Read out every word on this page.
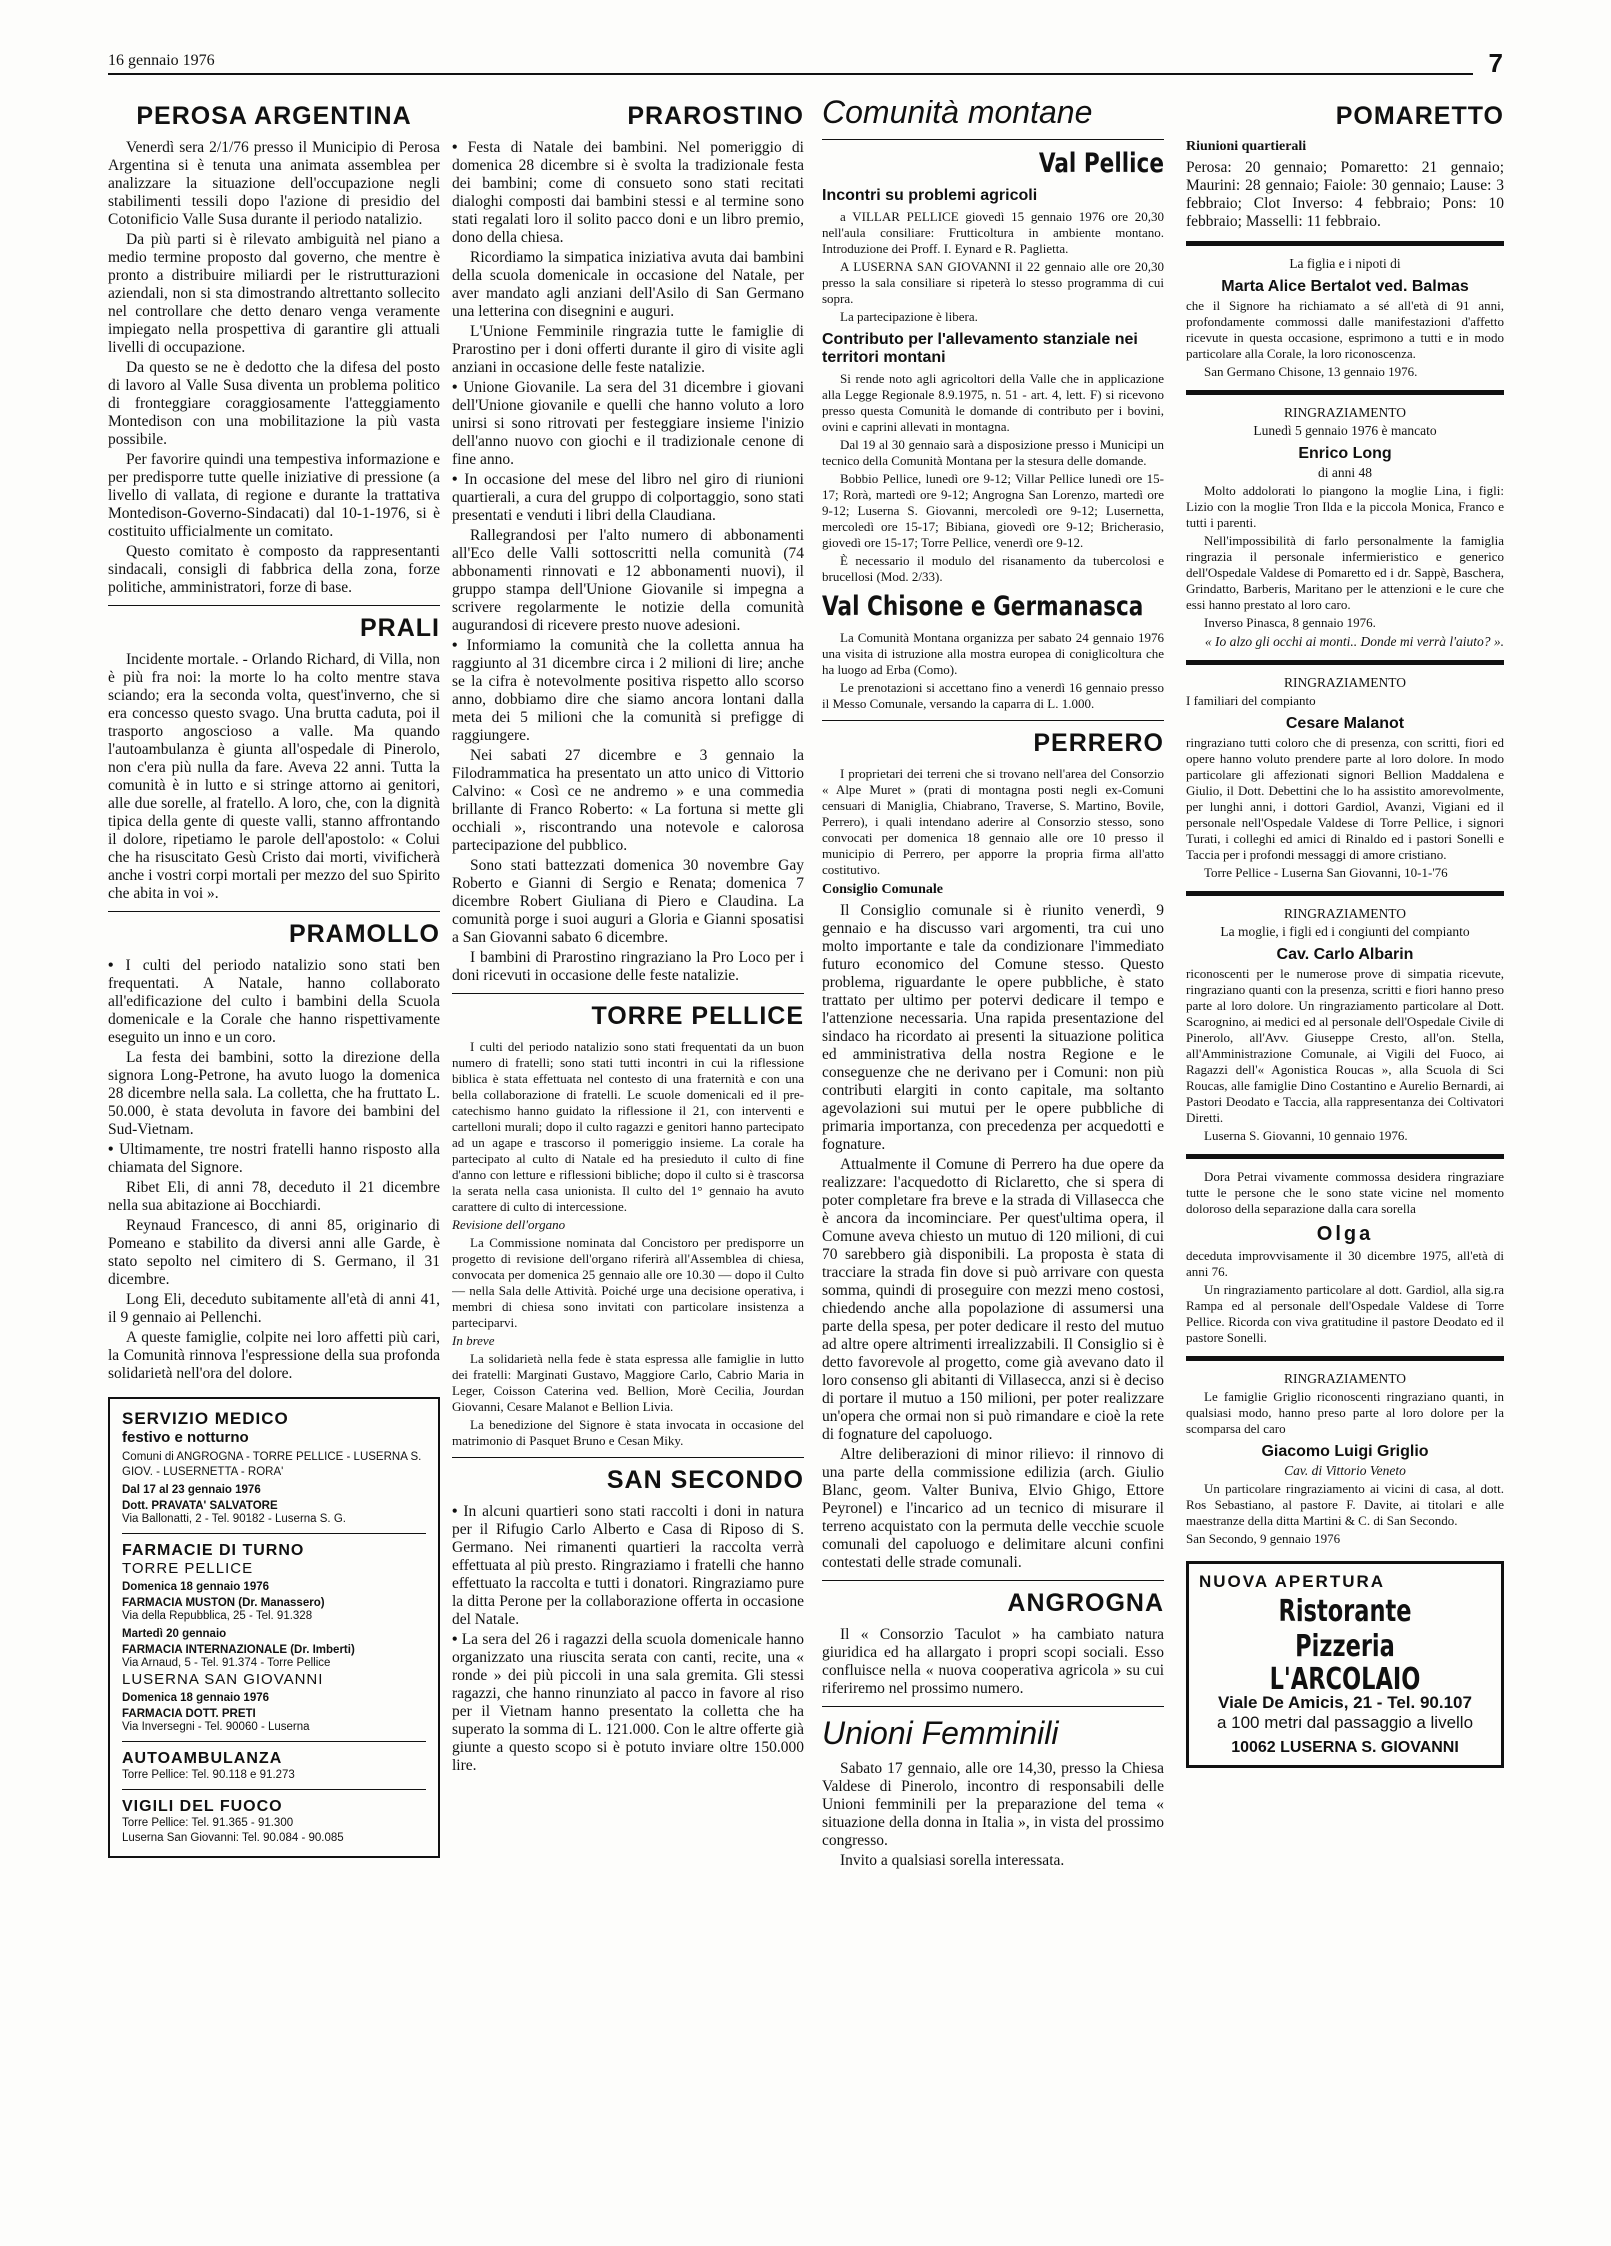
16 gennaio 1976	7
PEROSA ARGENTINA

Venerdì sera 2/1/76 presso il Municipio di Perosa Argentina si è tenuta una animata assemblea per analizzare la situazione dell'occupazione negli stabilimenti tessili dopo l'azione di presidio del Cotonificio Valle Susa durante il periodo natalizio.

Da più parti si è rilevato ambiguità nel piano a medio termine proposto dal governo, che mentre è pronto a distribuire miliardi per le ristrutturazioni aziendali, non si sta dimostrando altrettanto sollecito nel controllare che detto denaro venga veramente impiegato nella prospettiva di garantire gli attuali livelli di occupazione.

Da questo se ne è dedotto che la difesa del posto di lavoro al Valle Susa diventa un problema politico di fronteggiare coraggiosamente l'atteggiamento Montedison con una mobilitazione la più vasta possibile.

Per favorire quindi una tempestiva informazione e per predisporre tutte quelle iniziative di pressione (a livello di vallata, di regione e durante la trattativa Montedison-Governo-Sindacati) dal 10-1-1976, si è costituito ufficialmente un comitato.

Questo comitato è composto da rappresentanti sindacali, consigli di fabbrica della zona, forze politiche, amministratori, forze di base.

PRALI

Incidente mortale. - Orlando Richard, di Villa, non è più fra noi: la morte lo ha colto mentre stava sciando; era la seconda volta, quest'inverno, che si era concesso questo svago. Una brutta caduta, poi il trasporto angoscioso a valle. Ma quando l'autoambulanza è giunta all'ospedale di Pinerolo, non c'era più nulla da fare. Aveva 22 anni. Tutta la comunità è in lutto e si stringe attorno ai genitori, alle due sorelle, al fratello. A loro, che, con la dignità tipica della gente di queste valli, stanno affrontando il dolore, ripetiamo le parole dell'apostolo: « Colui che ha risuscitato Gesù Cristo dai morti, vivificherà anche i vostri corpi mortali per mezzo del suo Spirito che abita in voi ».

PRAMOLLO

• I culti del periodo natalizio sono stati ben frequentati. A Natale, hanno collaborato all'edificazione del culto i bambini della Scuola domenicale e la Corale che hanno rispettivamente eseguito un inno e un coro.

La festa dei bambini, sotto la direzione della signora Long-Petrone, ha avuto luogo la domenica 28 dicembre nella sala. La colletta, che ha fruttato L. 50.000, è stata devoluta in favore dei bambini del Sud-Vietnam.

• Ultimamente, tre nostri fratelli hanno risposto alla chiamata del Signore.

Ribet Eli, di anni 78, deceduto il 21 dicembre nella sua abitazione ai Bocchiardi.

Reynaud Francesco, di anni 85, originario di Pomeano e stabilito da diversi anni alle Garde, è stato sepolto nel cimitero di S. Germano, il 31 dicembre.

Long Eli, deceduto subitamente all'età di anni 41, il 9 gennaio ai Pellenchi.

A queste famiglie, colpite nei loro affetti più cari, la Comunità rinnova l'espressione della sua profonda solidarietà nell'ora del dolore.

SERVIZIO MEDICO
festivo e notturno
Comuni di ANGROGNA - TORRE PELLICE - LUSERNA S. GIOV. - LUSERNETTA - RORA'
Dal 17 al 23 gennaio 1976
Dott. PRAVATA' SALVATORE
Via Ballonatti, 2 - Tel. 90182 - Luserna S. G.
FARMACIE DI TURNO
TORRE PELLICE
Domenica 18 gennaio 1976
FARMACIA MUSTON (Dr. Manassero)
Via della Repubblica, 25 - Tel. 91.328
Martedì 20 gennaio
FARMACIA INTERNAZIONALE (Dr. Imberti)
Via Arnaud, 5 - Tel. 91.374 - Torre Pellice
LUSERNA SAN GIOVANNI
Domenica 18 gennaio 1976
FARMACIA DOTT. PRETI
Via Inversegni - Tel. 90060 - Luserna
AUTOAMBULANZA
Torre Pellice: Tel. 90.118 e 91.273
VIGILI DEL FUOCO
Torre Pellice: Tel. 91.365 - 91.300
Luserna San Giovanni: Tel. 90.084 - 90.085
PRAROSTINO

• Festa di Natale dei bambini. Nel pomeriggio di domenica 28 dicembre si è svolta la tradizionale festa dei bambini; come di consueto sono stati recitati dialoghi composti dai bambini stessi e al termine sono stati regalati loro il solito pacco doni e un libro premio, dono della chiesa.

Ricordiamo la simpatica iniziativa avuta dai bambini della scuola domenicale in occasione del Natale, per aver mandato agli anziani dell'Asilo di San Germano una letterina con disegnini e auguri.

L'Unione Femminile ringrazia tutte le famiglie di Prarostino per i doni offerti durante il giro di visite agli anziani in occasione delle feste natalizie.

• Unione Giovanile. La sera del 31 dicembre i giovani dell'Unione giovanile e quelli che hanno voluto a loro unirsi si sono ritrovati per festeggiare insieme l'inizio dell'anno nuovo con giochi e il tradizionale cenone di fine anno.

• In occasione del mese del libro nel giro di riunioni quartierali, a cura del gruppo di colportaggio, sono stati presentati e venduti i libri della Claudiana.

Rallegrandosi per l'alto numero di abbonamenti all'Eco delle Valli sottoscritti nella comunità (74 abbonamenti rinnovati e 12 abbonamenti nuovi), il gruppo stampa dell'Unione Giovanile si impegna a scrivere regolarmente le notizie della comunità augurandosi di ricevere presto nuove adesioni.

• Informiamo la comunità che la colletta annua ha raggiunto al 31 dicembre circa i 2 milioni di lire; anche se la cifra è notevolmente positiva rispetto allo scorso anno, dobbiamo dire che siamo ancora lontani dalla meta dei 5 milioni che la comunità si prefigge di raggiungere.

Nei sabati 27 dicembre e 3 gennaio la Filodrammatica ha presentato un atto unico di Vittorio Calvino: « Così ce ne andremo » e una commedia brillante di Franco Roberto: « La fortuna si mette gli occhiali », riscontrando una notevole e calorosa partecipazione del pubblico.

Sono stati battezzati domenica 30 novembre Gay Roberto e Gianni di Sergio e Renata; domenica 7 dicembre Robert Giuliana di Piero e Claudina. La comunità porge i suoi auguri a Gloria e Gianni sposatisi a San Giovanni sabato 6 dicembre.

I bambini di Prarostino ringraziano la Pro Loco per i doni ricevuti in occasione delle feste natalizie.

TORRE PELLICE

I culti del periodo natalizio sono stati frequentati da un buon numero di fratelli; sono stati tutti incontri in cui la riflessione biblica è stata effettuata nel contesto di una fraternità e con una bella collaborazione di fratelli. Le scuole domenicali ed il pre-catechismo hanno guidato la riflessione il 21, con interventi e cartelloni murali; dopo il culto ragazzi e genitori hanno partecipato ad un agape e trascorso il pomeriggio insieme. La corale ha partecipato al culto di Natale ed ha presieduto il culto di fine d'anno con letture e riflessioni bibliche; dopo il culto si è trascorsa la serata nella casa unionista. Il culto del 1° gennaio ha avuto carattere di culto di intercessione.

Revisione dell'organo

La Commissione nominata dal Concistoro per predisporre un progetto di revisione dell'organo riferirà all'Assemblea di chiesa, convocata per domenica 25 gennaio alle ore 10.30 — dopo il Culto — nella Sala delle Attività. Poiché urge una decisione operativa, i membri di chiesa sono invitati con particolare insistenza a parteciparvi.

In breve

La solidarietà nella fede è stata espressa alle famiglie in lutto dei fratelli: Marginati Gustavo, Maggiore Carlo, Cabrio Maria in Leger, Coisson Caterina ved. Bellion, Morè Cecilia, Jourdan Giovanni, Cesare Malanot e Bellion Livia.

La benedizione del Signore è stata invocata in occasione del matrimonio di Pasquet Bruno e Cesan Miky.

SAN SECONDO

• In alcuni quartieri sono stati raccolti i doni in natura per il Rifugio Carlo Alberto e Casa di Riposo di S. Germano. Nei rimanenti quartieri la raccolta verrà effettuata al più presto. Ringraziamo i fratelli che hanno effettuato la raccolta e tutti i donatori. Ringraziamo pure la ditta Perone per la collaborazione offerta in occasione del Natale.

• La sera del 26 i ragazzi della scuola domenicale hanno organizzato una riuscita serata con canti, recite, una « ronde » dei più piccoli in una sala gremita. Gli stessi ragazzi, che hanno rinunziato al pacco in favore al riso per il Vietnam hanno presentato la colletta che ha superato la somma di L. 121.000. Con le altre offerte già giunte a questo scopo si è potuto inviare oltre 150.000 lire.

Comunità montane
Val Pellice
Incontri su problemi agricoli

a VILLAR PELLICE giovedì 15 gennaio 1976 ore 20,30 nell'aula consiliare: Frutticoltura in ambiente montano. Introduzione dei Proff. I. Eynard e R. Paglietta.

A LUSERNA SAN GIOVANNI il 22 gennaio alle ore 20,30 presso la sala consiliare si ripeterà lo stesso programma di cui sopra.

La partecipazione è libera.

Contributo per l'allevamento stanziale nei territori montani

Si rende noto agli agricoltori della Valle che in applicazione alla Legge Regionale 8.9.1975, n. 51 - art. 4, lett. F) si ricevono presso questa Comunità le domande di contributo per i bovini, ovini e caprini allevati in montagna.

Dal 19 al 30 gennaio sarà a disposizione presso i Municipi un tecnico della Comunità Montana per la stesura delle domande.

Bobbio Pellice, lunedì ore 9-12; Villar Pellice lunedì ore 15-17; Rorà, martedì ore 9-12; Angrogna San Lorenzo, martedì ore 9-12; Luserna S. Giovanni, mercoledì ore 9-12; Lusernetta, mercoledì ore 15-17; Bibiana, giovedì ore 9-12; Bricherasio, giovedì ore 15-17; Torre Pellice, venerdì ore 9-12.

È necessario il modulo del risanamento da tubercolosi e brucellosi (Mod. 2/33).

Val Chisone e Germanasca

La Comunità Montana organizza per sabato 24 gennaio 1976 una visita di istruzione alla mostra europea di coniglicoltura che ha luogo ad Erba (Como).

Le prenotazioni si accettano fino a venerdì 16 gennaio presso il Messo Comunale, versando la caparra di L. 1.000.

PERRERO

I proprietari dei terreni che si trovano nell'area del Consorzio « Alpe Muret » (prati di montagna posti negli ex-Comuni censuari di Maniglia, Chiabrano, Traverse, S. Martino, Bovile, Perrero), i quali intendano aderire al Consorzio stesso, sono convocati per domenica 18 gennaio alle ore 10 presso il municipio di Perrero, per apporre la propria firma all'atto costitutivo.

Consiglio Comunale

Il Consiglio comunale si è riunito venerdì, 9 gennaio e ha discusso vari argomenti, tra cui uno molto importante e tale da condizionare l'immediato futuro economico del Comune stesso. Questo problema, riguardante le opere pubbliche, è stato trattato per ultimo per potervi dedicare il tempo e l'attenzione necessaria. Una rapida presentazione del sindaco ha ricordato ai presenti la situazione politica ed amministrativa della nostra Regione e le conseguenze che ne derivano per i Comuni: non più contributi elargiti in conto capitale, ma soltanto agevolazioni sui mutui per le opere pubbliche di primaria importanza, con precedenza per acquedotti e fognature.

Attualmente il Comune di Perrero ha due opere da realizzare: l'acquedotto di Riclaretto, che si spera di poter completare fra breve e la strada di Villasecca che è ancora da incominciare. Per quest'ultima opera, il Comune aveva chiesto un mutuo di 120 milioni, di cui 70 sarebbero già disponibili. La proposta è stata di tracciare la strada fin dove si può arrivare con questa somma, quindi di proseguire con mezzi meno costosi, chiedendo anche alla popolazione di assumersi una parte della spesa, per poter dedicare il resto del mutuo ad altre opere altrimenti irrealizzabili. Il Consiglio si è detto favorevole al progetto, come già avevano dato il loro consenso gli abitanti di Villasecca, anzi si è deciso di portare il mutuo a 150 milioni, per poter realizzare un'opera che ormai non si può rimandare e cioè la rete di fognature del capoluogo.

Altre deliberazioni di minor rilievo: il rinnovo di una parte della commissione edilizia (arch. Giulio Blanc, geom. Valter Buniva, Elvio Ghigo, Ettore Peyronel) e l'incarico ad un tecnico di misurare il terreno acquistato con la permuta delle vecchie scuole comunali del capoluogo e delimitare alcuni confini contestati delle strade comunali.

ANGROGNA

Il « Consorzio Taculot » ha cambiato natura giuridica ed ha allargato i propri scopi sociali. Esso confluisce nella « nuova cooperativa agricola » su cui riferiremo nel prossimo numero.

Unioni Femminili

Sabato 17 gennaio, alle ore 14,30, presso la Chiesa Valdese di Pinerolo, incontro di responsabili delle Unioni femminili per la preparazione del tema « situazione della donna in Italia », in vista del prossimo congresso.

Invito a qualsiasi sorella interessata.

POMARETTO
Riunioni quartierali

Perosa: 20 gennaio; Pomaretto: 21 gennaio; Maurini: 28 gennaio; Faiole: 30 gennaio; Lause: 3 febbraio; Clot Inverso: 4 febbraio; Pons: 10 febbraio; Masselli: 11 febbraio.

La figlia e i nipoti di
Marta Alice Bertalot ved. Balmas

che il Signore ha richiamato a sé all'età di 91 anni, profondamente commossi dalle manifestazioni d'affetto ricevute in questa occasione, esprimono a tutti e in modo particolare alla Corale, la loro riconoscenza.

San Germano Chisone, 13 gennaio 1976.

RINGRAZIAMENTO
Lunedì 5 gennaio 1976 è mancato
Enrico Long
di anni 48

Molto addolorati lo piangono la moglie Lina, i figli: Lizio con la moglie Tron Ilda e la piccola Monica, Franco e tutti i parenti.

Nell'impossibilità di farlo personalmente la famiglia ringrazia il personale infermieristico e generico dell'Ospedale Valdese di Pomaretto ed i dr. Sappè, Baschera, Grindatto, Barberis, Maritano per le attenzioni e le cure che essi hanno prestato al loro caro.

Inverso Pinasca, 8 gennaio 1976.

« Io alzo gli occhi ai monti.. Donde mi verrà l'aiuto? ».
RINGRAZIAMENTO

I familiari del compianto

Cesare Malanot

ringraziano tutti coloro che di presenza, con scritti, fiori ed opere hanno voluto prendere parte al loro dolore. In modo particolare gli affezionati signori Bellion Maddalena e Giulio, il Dott. Debettini che lo ha assistito amorevolmente, per lunghi anni, i dottori Gardiol, Avanzi, Vigiani ed il personale nell'Ospedale Valdese di Torre Pellice, i signori Turati, i colleghi ed amici di Rinaldo ed i pastori Sonelli e Taccia per i profondi messaggi di amore cristiano.

Torre Pellice - Luserna San Giovanni, 10-1-'76

RINGRAZIAMENTO
La moglie, i figli ed i congiunti del compianto
Cav. Carlo Albarin

riconoscenti per le numerose prove di simpatia ricevute, ringraziano quanti con la presenza, scritti e fiori hanno preso parte al loro dolore. Un ringraziamento particolare al Dott. Scarognino, ai medici ed al personale dell'Ospedale Civile di Pinerolo, all'Avv. Giuseppe Cresto, all'on. Stella, all'Amministrazione Comunale, ai Vigili del Fuoco, ai Ragazzi dell'« Agonistica Roucas », alla Scuola di Sci Roucas, alle famiglie Dino Costantino e Aurelio Bernardi, ai Pastori Deodato e Taccia, alla rappresentanza dei Coltivatori Diretti.

Luserna S. Giovanni, 10 gennaio 1976.

Dora Petrai vivamente commossa desidera ringraziare tutte le persone che le sono state vicine nel momento doloroso della separazione dalla cara sorella

Olga

deceduta improvvisamente il 30 dicembre 1975, all'età di anni 76.

Un ringraziamento particolare al dott. Gardiol, alla sig.ra Rampa ed al personale dell'Ospedale Valdese di Torre Pellice. Ricorda con viva gratitudine il pastore Deodato ed il pastore Sonelli.

RINGRAZIAMENTO

Le famiglie Griglio riconoscenti ringraziano quanti, in qualsiasi modo, hanno preso parte al loro dolore per la scomparsa del caro

Giacomo Luigi Griglio
Cav. di Vittorio Veneto

Un particolare ringraziamento ai vicini di casa, al dott. Ros Sebastiano, al pastore F. Davite, ai titolari e alle maestranze della ditta Martini & C. di San Secondo.

San Secondo, 9 gennaio 1976

NUOVA APERTURA
Ristorante Pizzeria
L'ARCOLAIO
Viale De Amicis, 21 - Tel. 90.107
a 100 metri dal passaggio a livello
10062 LUSERNA S. GIOVANNI
